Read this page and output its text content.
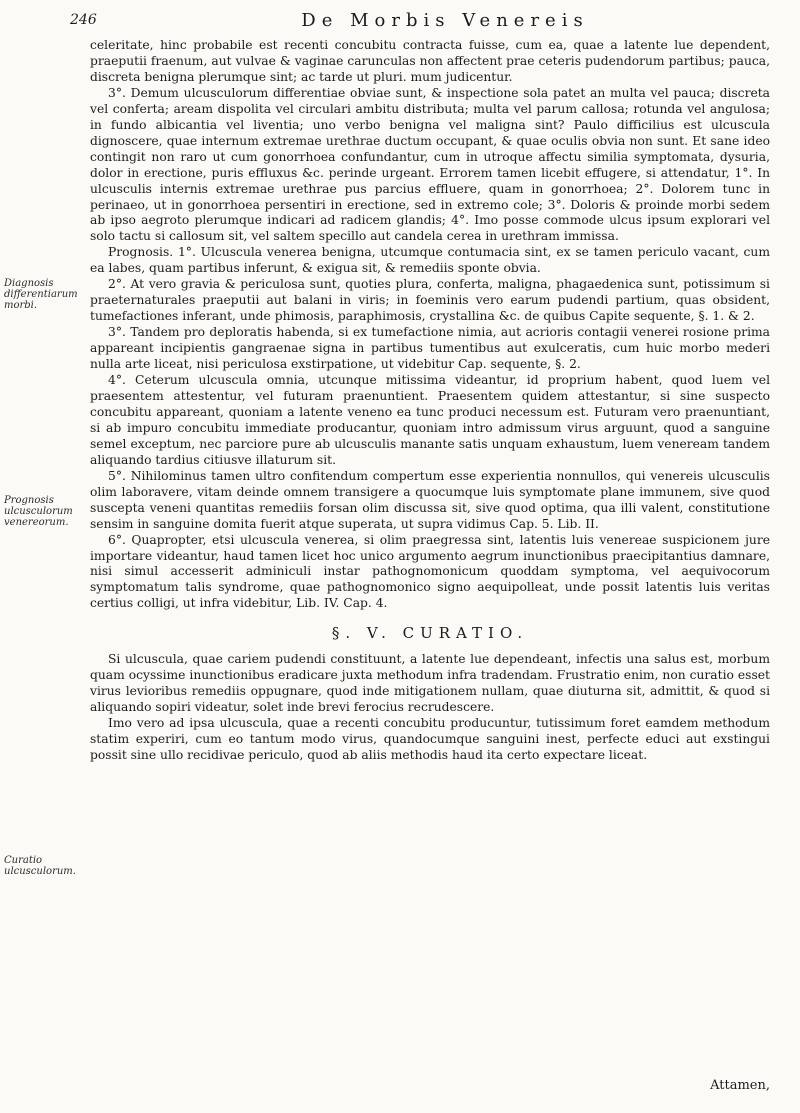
246	De Morbis Venereis
Diagnosis differentiarum morbi.
Prognosis ulcusculorum venereorum.
Curatio ulcusculorum.

celeritate, hinc probabile est recenti concubitu contracta fuisse, cum ea, quae a latente lue dependent, praeputii fraenum, aut vulvae & vaginae carunculas non affectent prae ceteris pudendorum partibus; pauca, discreta benigna plerumque sint; ac tarde ut pluri. mum judicentur.

3°. Demum ulcusculorum differentiae obviae sunt, & inspectione sola patet an multa vel pauca; discreta vel conferta; aream dispolita vel circulari ambitu distributa; multa vel parum callosa; rotunda vel angulosa; in fundo albicantia vel liventia; uno verbo benigna vel maligna sint? Paulo difficilius est ulcuscula dignoscere, quae internum extremae urethrae ductum occupant, & quae oculis obvia non sunt. Et sane ideo contingit non raro ut cum gonorrhoea confundantur, cum in utroque affectu similia symptomata, dysuria, dolor in erectione, puris effluxus &c. perinde urgeant. Errorem tamen licebit effugere, si attendatur, 1°. In ulcusculis internis extremae urethrae pus parcius effluere, quam in gonorrhoea; 2°. Dolorem tunc in perinaeo, ut in gonorrhoea persentiri in erectione, sed in extremo cole; 3°. Doloris & proinde morbi sedem ab ipso aegroto plerumque indicari ad radicem glandis; 4°. Imo posse commode ulcus ipsum explorari vel solo tactu si callosum sit, vel saltem specillo aut candela cerea in urethram immissa.

Prognosis. 1°. Ulcuscula venerea benigna, utcumque contumacia sint, ex se tamen periculo vacant, cum ea labes, quam partibus inferunt, & exigua sit, & remediis sponte obvia.

2°. At vero gravia & periculosa sunt, quoties plura, conferta, maligna, phagaedenica sunt, potissimum si praeternaturales praeputii aut balani in viris; in foeminis vero earum pudendi partium, quas obsident, tumefactiones inferant, unde phimosis, paraphimosis, crystallina &c. de quibus Capite sequente, §. 1. & 2.

3°. Tandem pro deploratis habenda, si ex tumefactione nimia, aut acrioris contagii venerei rosione prima appareant incipientis gangraenae signa in partibus tumentibus aut exulceratis, cum huic morbo mederi nulla arte liceat, nisi periculosa exstirpatione, ut videbitur Cap. sequente, §. 2.

4°. Ceterum ulcuscula omnia, utcunque mitissima videantur, id proprium habent, quod luem vel praesentem attestentur, vel futuram praenuntient. Praesentem quidem attestantur, si sine suspecto concubitu appareant, quoniam a latente veneno ea tunc produci necessum est. Futuram vero praenuntiant, si ab impuro concubitu immediate producantur, quoniam intro admissum virus arguunt, quod a sanguine semel exceptum, nec parciore pure ab ulcusculis manante satis unquam exhaustum, luem veneream tandem aliquando tardius citiusve illaturum sit.

5°. Nihilominus tamen ultro confitendum compertum esse experientia nonnullos, qui venereis ulcusculis olim laboravere, vitam deinde omnem transigere a quocumque luis symptomate plane immunem, sive quod suscepta veneni quantitas remediis forsan olim discussa sit, sive quod optima, qua illi valent, constitutione sensim in sanguine domita fuerit atque superata, ut supra vidimus Cap. 5. Lib. II.

6°. Quapropter, etsi ulcuscula venerea, si olim praegressa sint, latentis luis venereae suspicionem jure importare videantur, haud tamen licet hoc unico argumento aegrum inunctionibus praecipitantius damnare, nisi simul accesserit adminiculi instar pathognomonicum quoddam symptoma, vel aequivocorum symptomatum talis syndrome, quae pathognomonico signo aequipolleat, unde possit latentis luis veritas certius colligi, ut infra videbitur, Lib. IV. Cap. 4.

§. V. CURATIO.

Si ulcuscula, quae cariem pudendi constituunt, a latente lue dependeant, infectis una salus est, morbum quam ocyssime inunctionibus eradicare juxta methodum infra tradendam. Frustratio enim, non curatio esset virus levioribus remediis oppugnare, quod inde mitigationem nullam, quae diuturna sit, admittit, & quod si aliquando sopiri videatur, solet inde brevi ferocius recrudescere.

Imo vero ad ipsa ulcuscula, quae a recenti concubitu producuntur, tutissimum foret eamdem methodum statim experiri, cum eo tantum modo virus, quandocumque sanguini inest, perfecte educi aut exstingui possit sine ullo recidivae periculo, quod ab aliis methodis haud ita certo expectare liceat.

Attamen,
